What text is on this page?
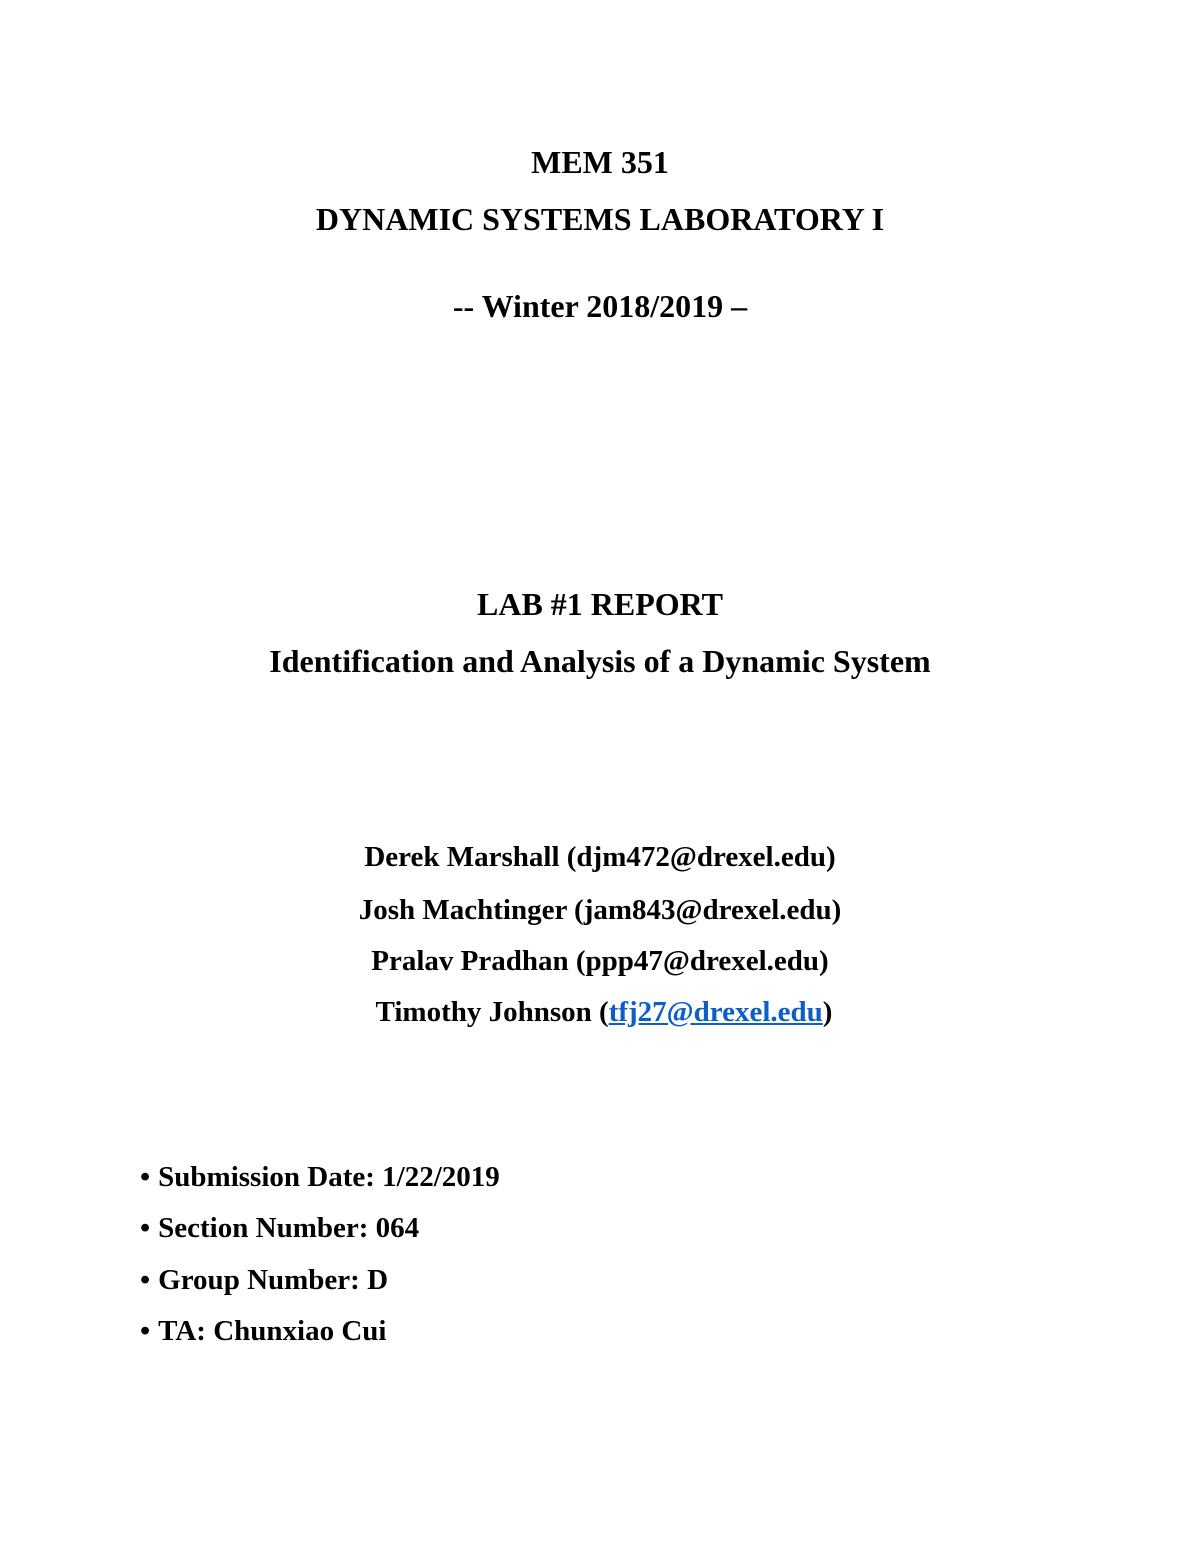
MEM 351
DYNAMIC SYSTEMS LABORATORY I
-- Winter 2018/2019 –
LAB #1 REPORT
Identification and Analysis of a Dynamic System
Derek Marshall (djm472@drexel.edu)
Josh Machtinger (jam843@drexel.edu)
Pralav Pradhan (ppp47@drexel.edu)
Timothy Johnson (tfj27@drexel.edu)
• Submission Date: 1/22/2019
• Section Number: 064
• Group Number: D
• TA: Chunxiao Cui
